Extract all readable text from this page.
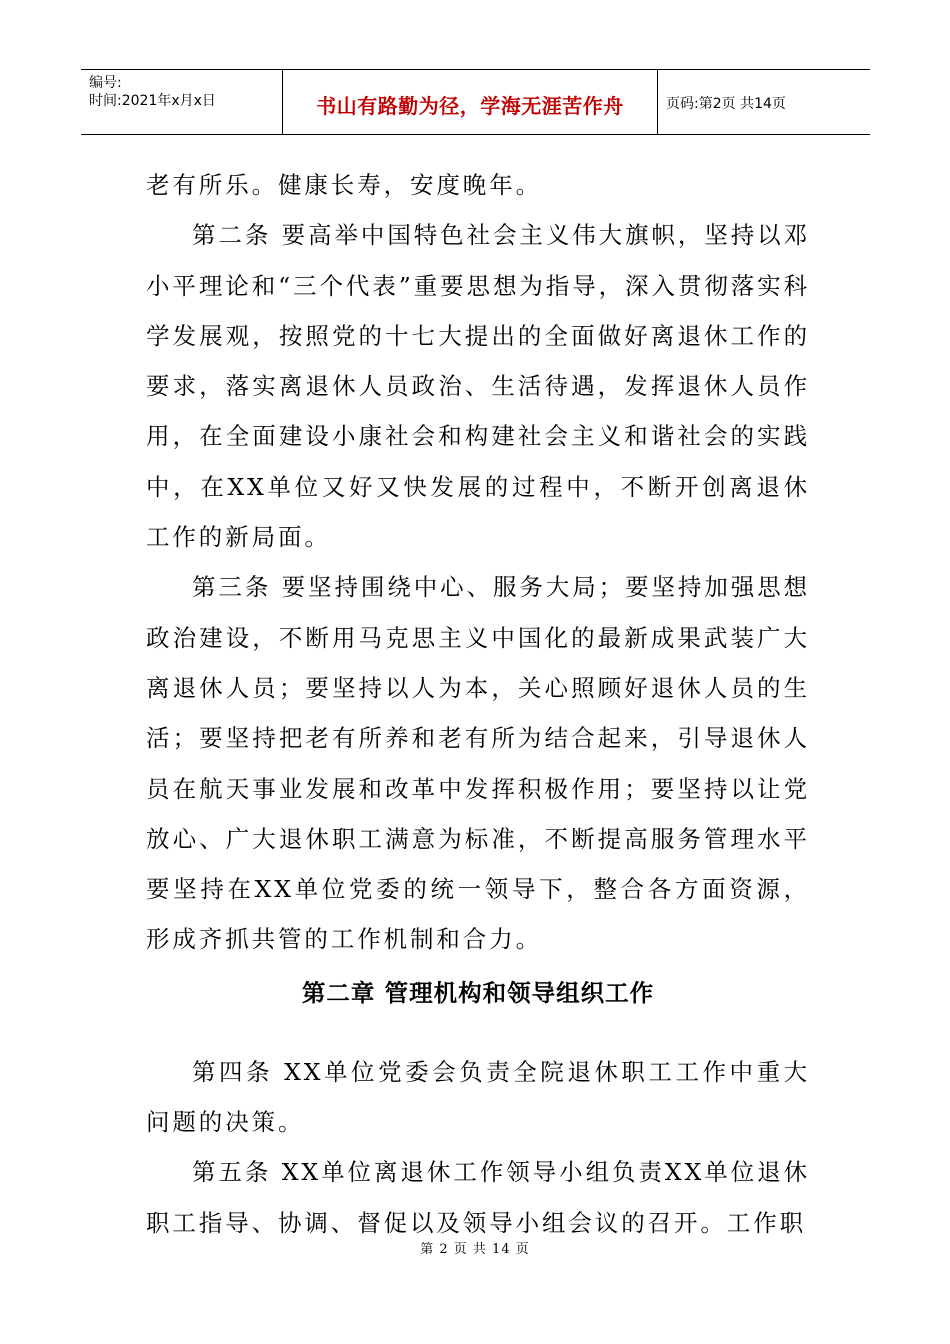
编号:
时间:2021年x月x日	书山有路勤为径，学海无涯苦作舟	页码:第2页 共14页

老有所乐。健康长寿，安度晚年。

第二条 要高举中国特色社会主义伟大旗帜，坚持以邓小平理论和“三个代表”重要思想为指导，深入贯彻落实科学发展观，按照党的十七大提出的全面做好离退休工作的要求，落实离退休人员政治、生活待遇，发挥退休人员作用，在全面建设小康社会和构建社会主义和谐社会的实践中，在XX单位又好又快发展的过程中，不断开创离退休工作的新局面。

第三条 要坚持围绕中心、服务大局；要坚持加强思想政治建设，不断用马克思主义中国化的最新成果武装广大离退休人员；要坚持以人为本，关心照顾好退休人员的生活；要坚持把老有所养和老有所为结合起来，引导退休人员在航天事业发展和改革中发挥积极作用；要坚持以让党放心、广大退休职工满意为标准，不断提高服务管理水平要坚持在XX单位党委的统一领导下，整合各方面资源，形成齐抓共管的工作机制和合力。

第二章 管理机构和领导组织工作

第四条 XX单位党委会负责全院退休职工工作中重大问题的决策。

第五条 XX单位离退休工作领导小组负责XX单位退休职工指导、协调、督促以及领导小组会议的召开。工作职

第 2 页 共 14 页
